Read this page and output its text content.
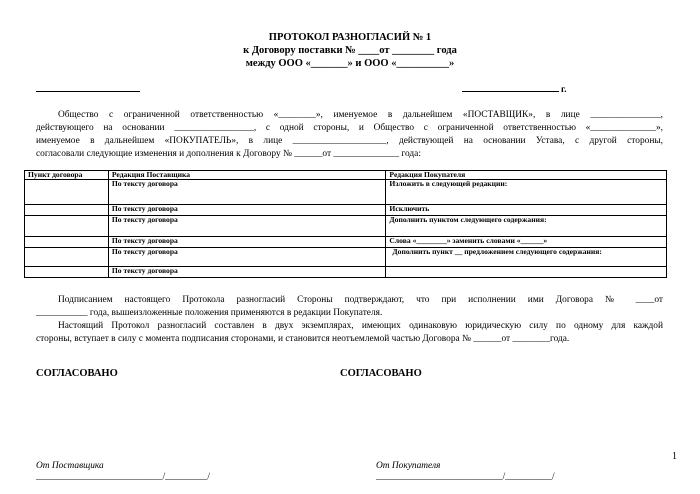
ПРОТОКОЛ РАЗНОГЛАСИЙ № 1
к Договору поставки № ____от ________ года
между ООО «_______» и ООО «__________»
г.
Общество с ограниченной ответственностью «________», именуемое в дальнейшем «ПОСТАВЩИК», в лице _______________,
действующего на основании _________________, с одной стороны, и Общество с ограниченной ответственностью «______________»,
именуемое в дальнейшем «ПОКУПАТЕЛЬ», в лице ____________________, действующей на основании Устава, с другой стороны,
согласовали следующие изменения и дополнения к Договору № ______от ______________ года:
Пункт договора	Редакция Поставщика	Редакция Покупателя
	По тексту договора	Изложить в следующей редакции:
	По тексту договора	Исключить
	По тексту договора	Дополнить пунктом следующего содержания:
	По тексту договора	Слова «________» заменить словами «______»
	По тексту договора	Дополнить пункт __ предложением следующего содержания:
	По тексту договора	
Подписанием настоящего Протокола разногласий Стороны подтверждают, что при исполнении ими Договора № ____от
___________ года, вышеизложенные положения применяются в редакции Покупателя.
Настоящий Протокол разногласий составлен в двух экземплярах, имеющих одинаковую юридическую силу по одному для каждой
стороны, вступает в силу с момента подписания сторонами, и становится неотъемлемой частью Договора № ______от ________года.
СОГЛАСОВАНО	СОГЛАСОВАНО
1
От Поставщика	От Покупателя
___________________________/_________/	___________________________/__________/
